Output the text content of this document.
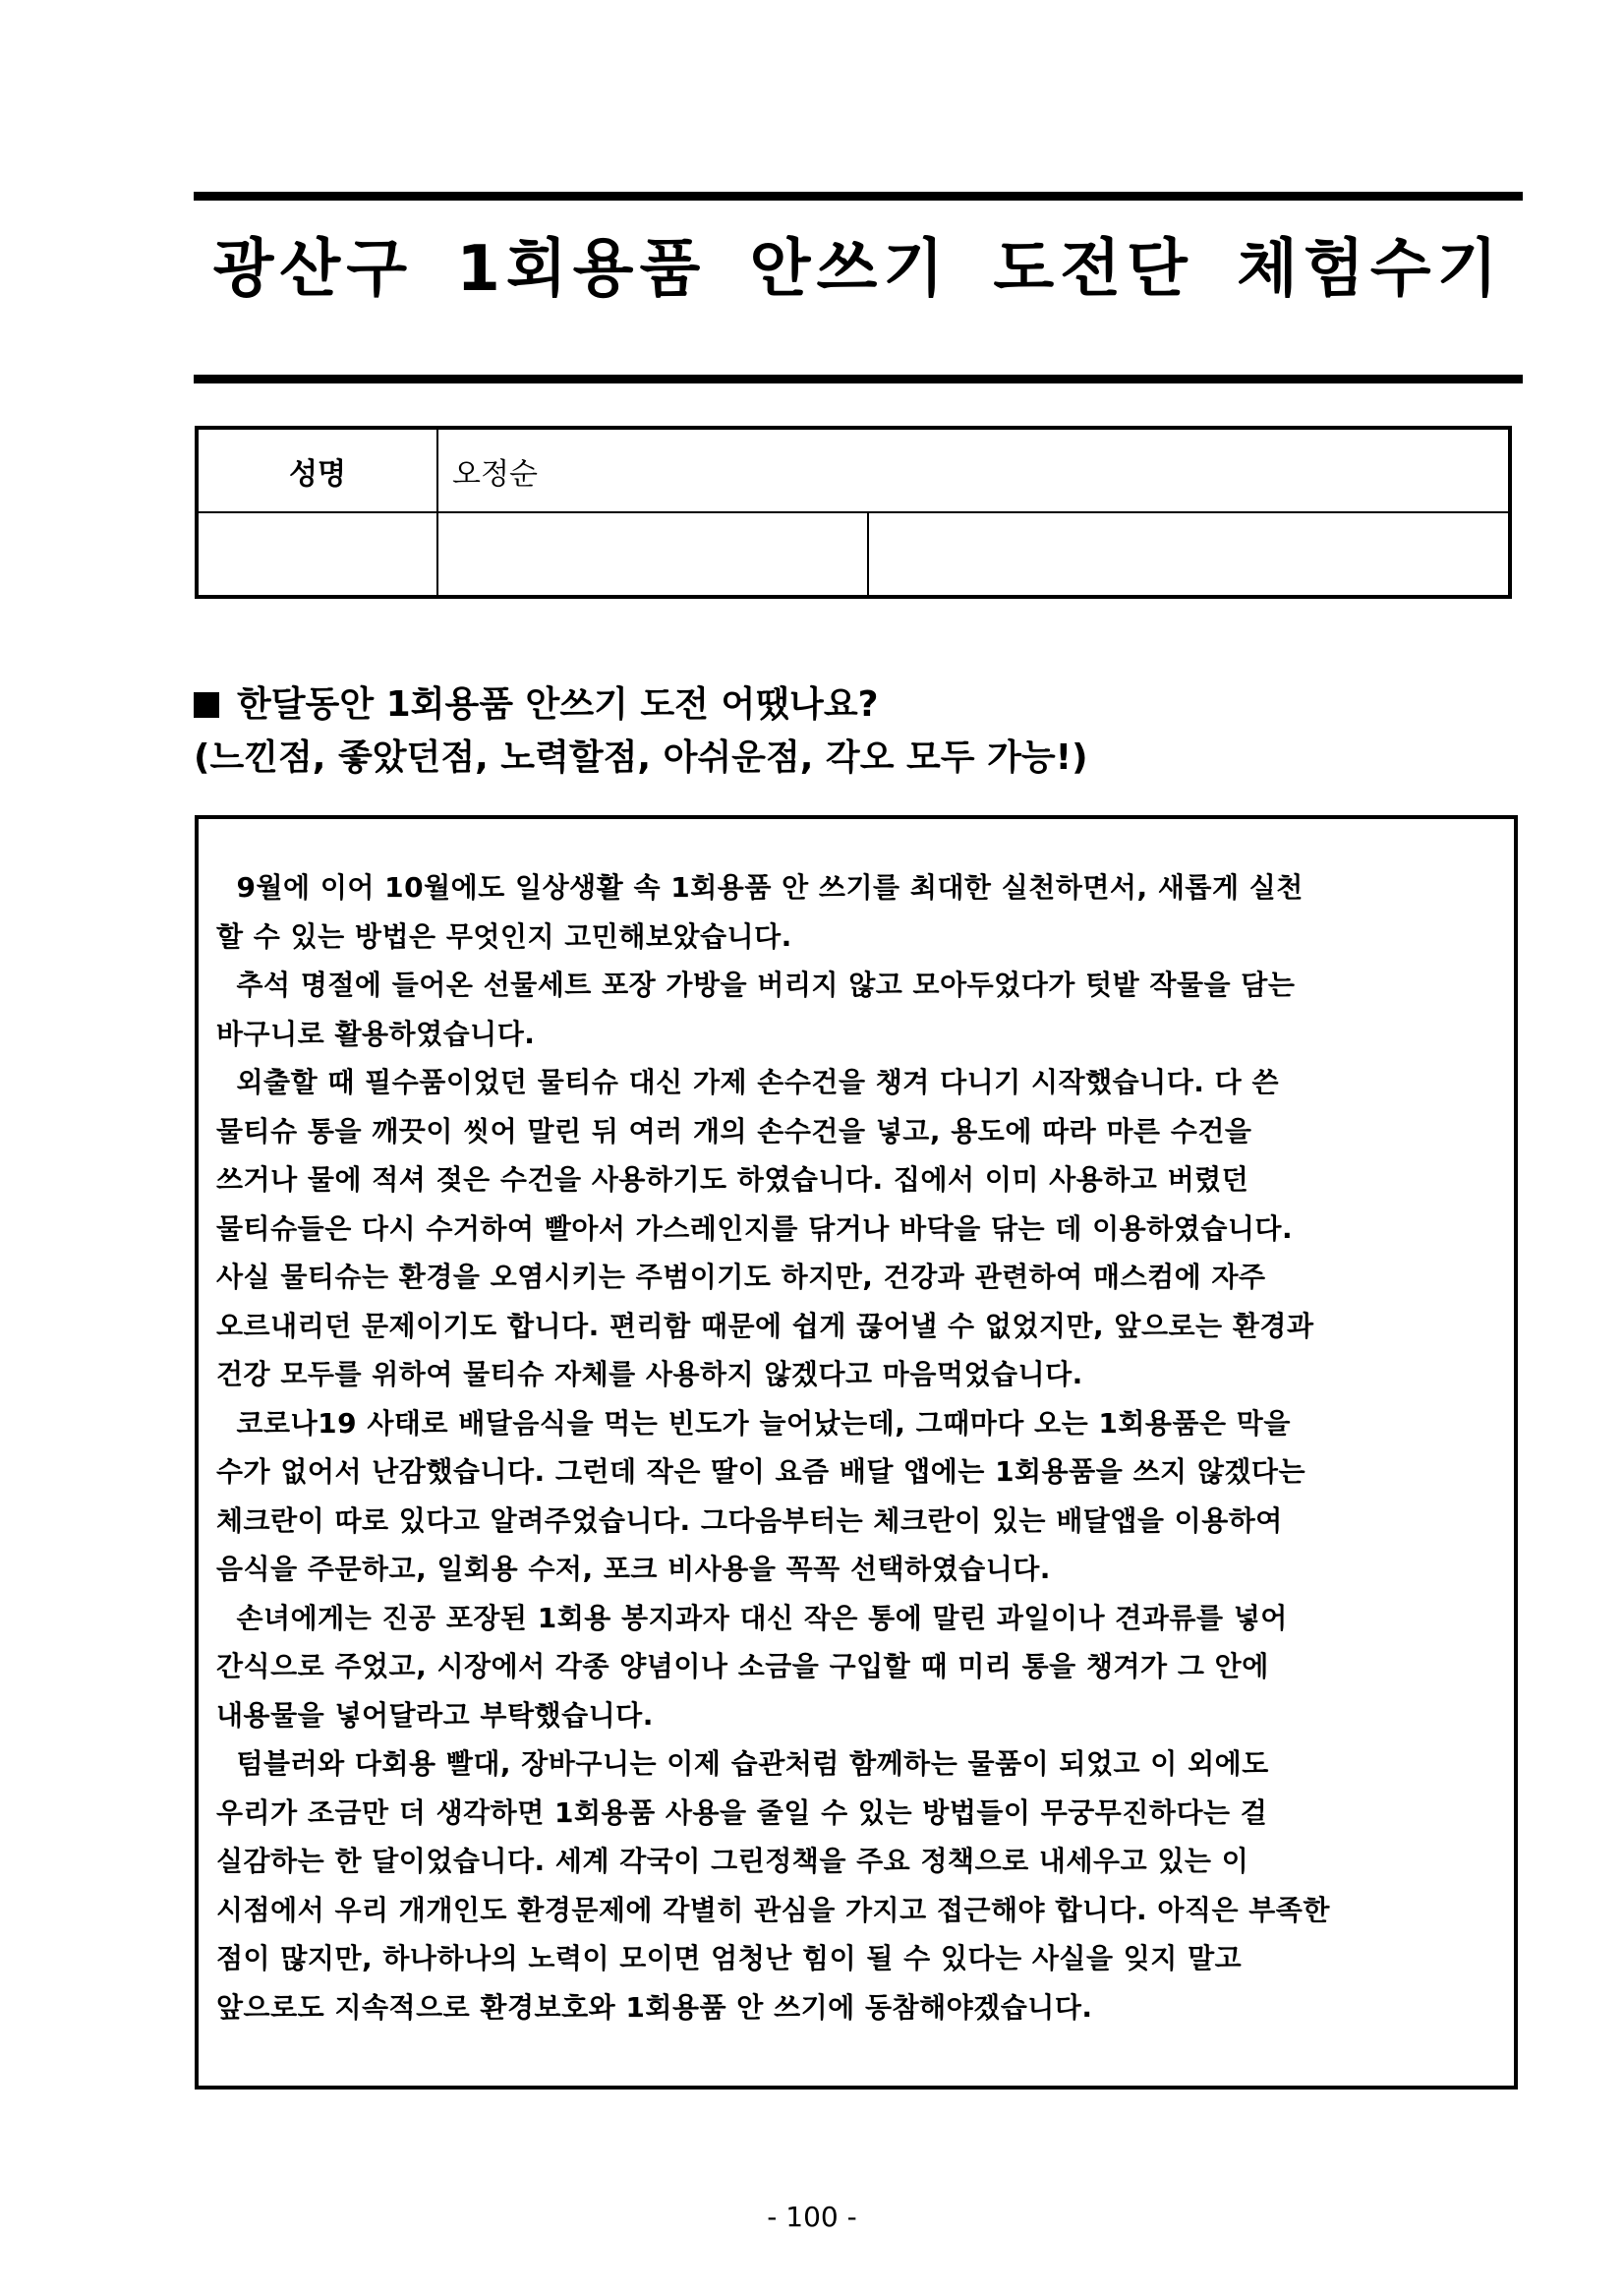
광산구 1회용품 안쓰기 도전단 체험수기
성명	오정순	

한달동안 1회용품 안쓰기 도전 어땠나요?
(느낀점, 좋았던점, 노력할점, 아쉬운점, 각오 모두 가능!)
9월에 이어 10월에도 일상생활 속 1회용품 안 쓰기를 최대한 실천하면서, 새롭게 실천
할 수 있는 방법은 무엇인지 고민해보았습니다.
추석 명절에 들어온 선물세트 포장 가방을 버리지 않고 모아두었다가 텃밭 작물을 담는
바구니로 활용하였습니다.
외출할 때 필수품이었던 물티슈 대신 가제 손수건을 챙겨 다니기 시작했습니다. 다 쓴
물티슈 통을 깨끗이 씻어 말린 뒤 여러 개의 손수건을 넣고, 용도에 따라 마른 수건을
쓰거나 물에 적셔 젖은 수건을 사용하기도 하였습니다. 집에서 이미 사용하고 버렸던
물티슈들은 다시 수거하여 빨아서 가스레인지를 닦거나 바닥을 닦는 데 이용하였습니다.
사실 물티슈는 환경을 오염시키는 주범이기도 하지만, 건강과 관련하여 매스컴에 자주
오르내리던 문제이기도 합니다. 편리함 때문에 쉽게 끊어낼 수 없었지만, 앞으로는 환경과
건강 모두를 위하여 물티슈 자체를 사용하지 않겠다고 마음먹었습니다.
코로나19 사태로 배달음식을 먹는 빈도가 늘어났는데, 그때마다 오는 1회용품은 막을
수가 없어서 난감했습니다. 그런데 작은 딸이 요즘 배달 앱에는 1회용품을 쓰지 않겠다는
체크란이 따로 있다고 알려주었습니다. 그다음부터는 체크란이 있는 배달앱을 이용하여
음식을 주문하고, 일회용 수저, 포크 비사용을 꼭꼭 선택하였습니다.
손녀에게는 진공 포장된 1회용 봉지과자 대신 작은 통에 말린 과일이나 견과류를 넣어
간식으로 주었고, 시장에서 각종 양념이나 소금을 구입할 때 미리 통을 챙겨가 그 안에
내용물을 넣어달라고 부탁했습니다.
텀블러와 다회용 빨대, 장바구니는 이제 습관처럼 함께하는 물품이 되었고 이 외에도
우리가 조금만 더 생각하면 1회용품 사용을 줄일 수 있는 방법들이 무궁무진하다는 걸
실감하는 한 달이었습니다. 세계 각국이 그린정책을 주요 정책으로 내세우고 있는 이
시점에서 우리 개개인도 환경문제에 각별히 관심을 가지고 접근해야 합니다. 아직은 부족한
점이 많지만, 하나하나의 노력이 모이면 엄청난 힘이 될 수 있다는 사실을 잊지 말고
앞으로도 지속적으로 환경보호와 1회용품 안 쓰기에 동참해야겠습니다.
- 100 -
